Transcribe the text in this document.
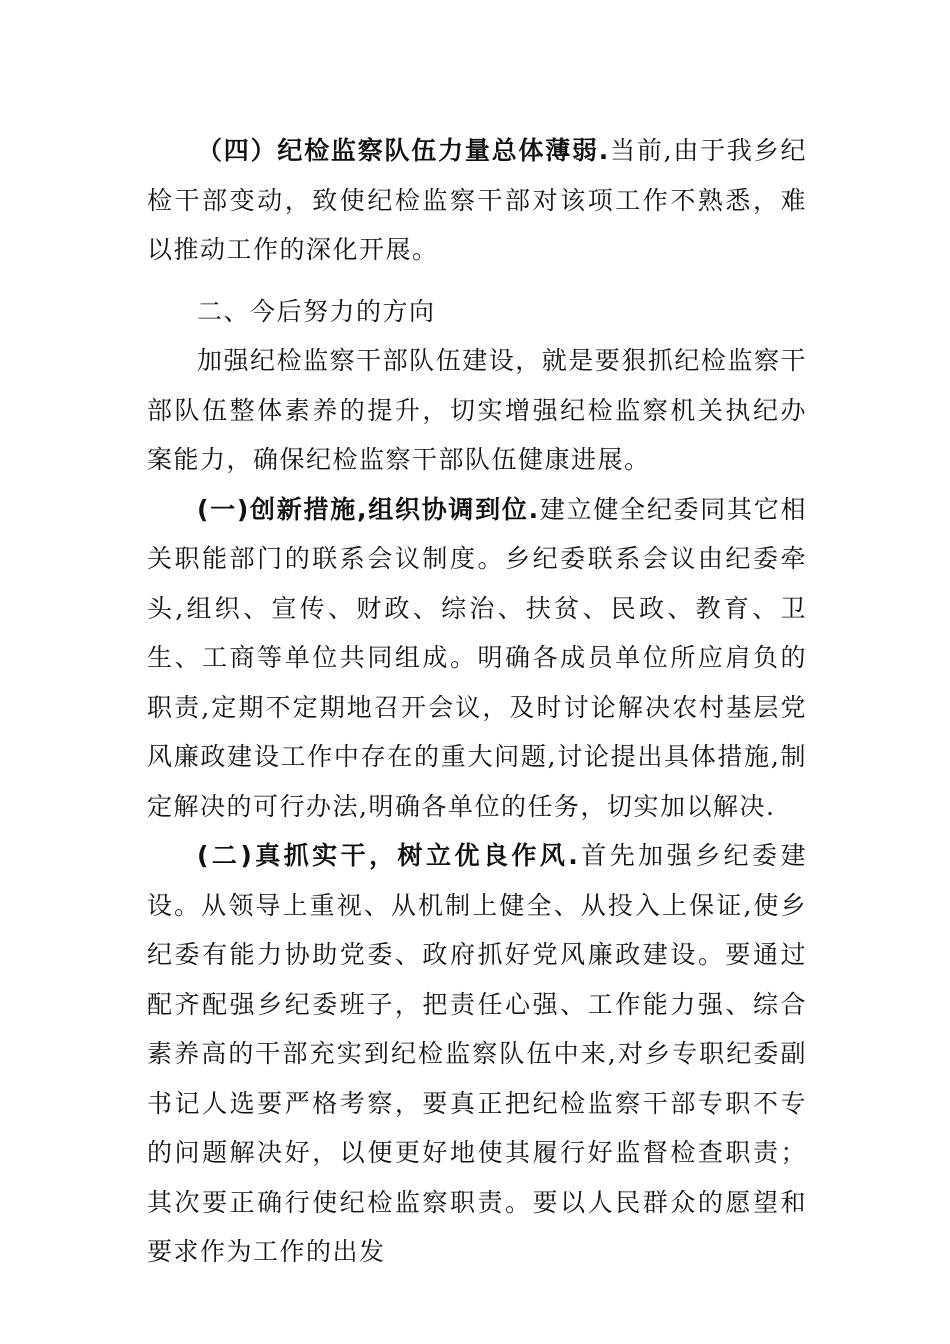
（四）纪检监察队伍力量总体薄弱.当前,由于我乡纪检干部变动，致使纪检监察干部对该项工作不熟悉，难以推动工作的深化开展。

二、今后努力的方向

加强纪检监察干部队伍建设，就是要狠抓纪检监察干部队伍整体素养的提升，切实增强纪检监察机关执纪办案能力，确保纪检监察干部队伍健康进展。

(一)创新措施,组织协调到位.建立健全纪委同其它相关职能部门的联系会议制度。乡纪委联系会议由纪委牵头,组织、宣传、财政、综治、扶贫、民政、教育、卫生、工商等单位共同组成。明确各成员单位所应肩负的职责,定期不定期地召开会议，及时讨论解决农村基层党风廉政建设工作中存在的重大问题,讨论提出具体措施,制定解决的可行办法,明确各单位的任务，切实加以解决.

(二)真抓实干，树立优良作风.首先加强乡纪委建设。从领导上重视、从机制上健全、从投入上保证,使乡纪委有能力协助党委、政府抓好党风廉政建设。要通过配齐配强乡纪委班子，把责任心强、工作能力强、综合素养高的干部充实到纪检监察队伍中来,对乡专职纪委副书记人选要严格考察，要真正把纪检监察干部专职不专的问题解决好，以便更好地使其履行好监督检查职责；其次要正确行使纪检监察职责。要以人民群众的愿望和要求作为工作的出发
